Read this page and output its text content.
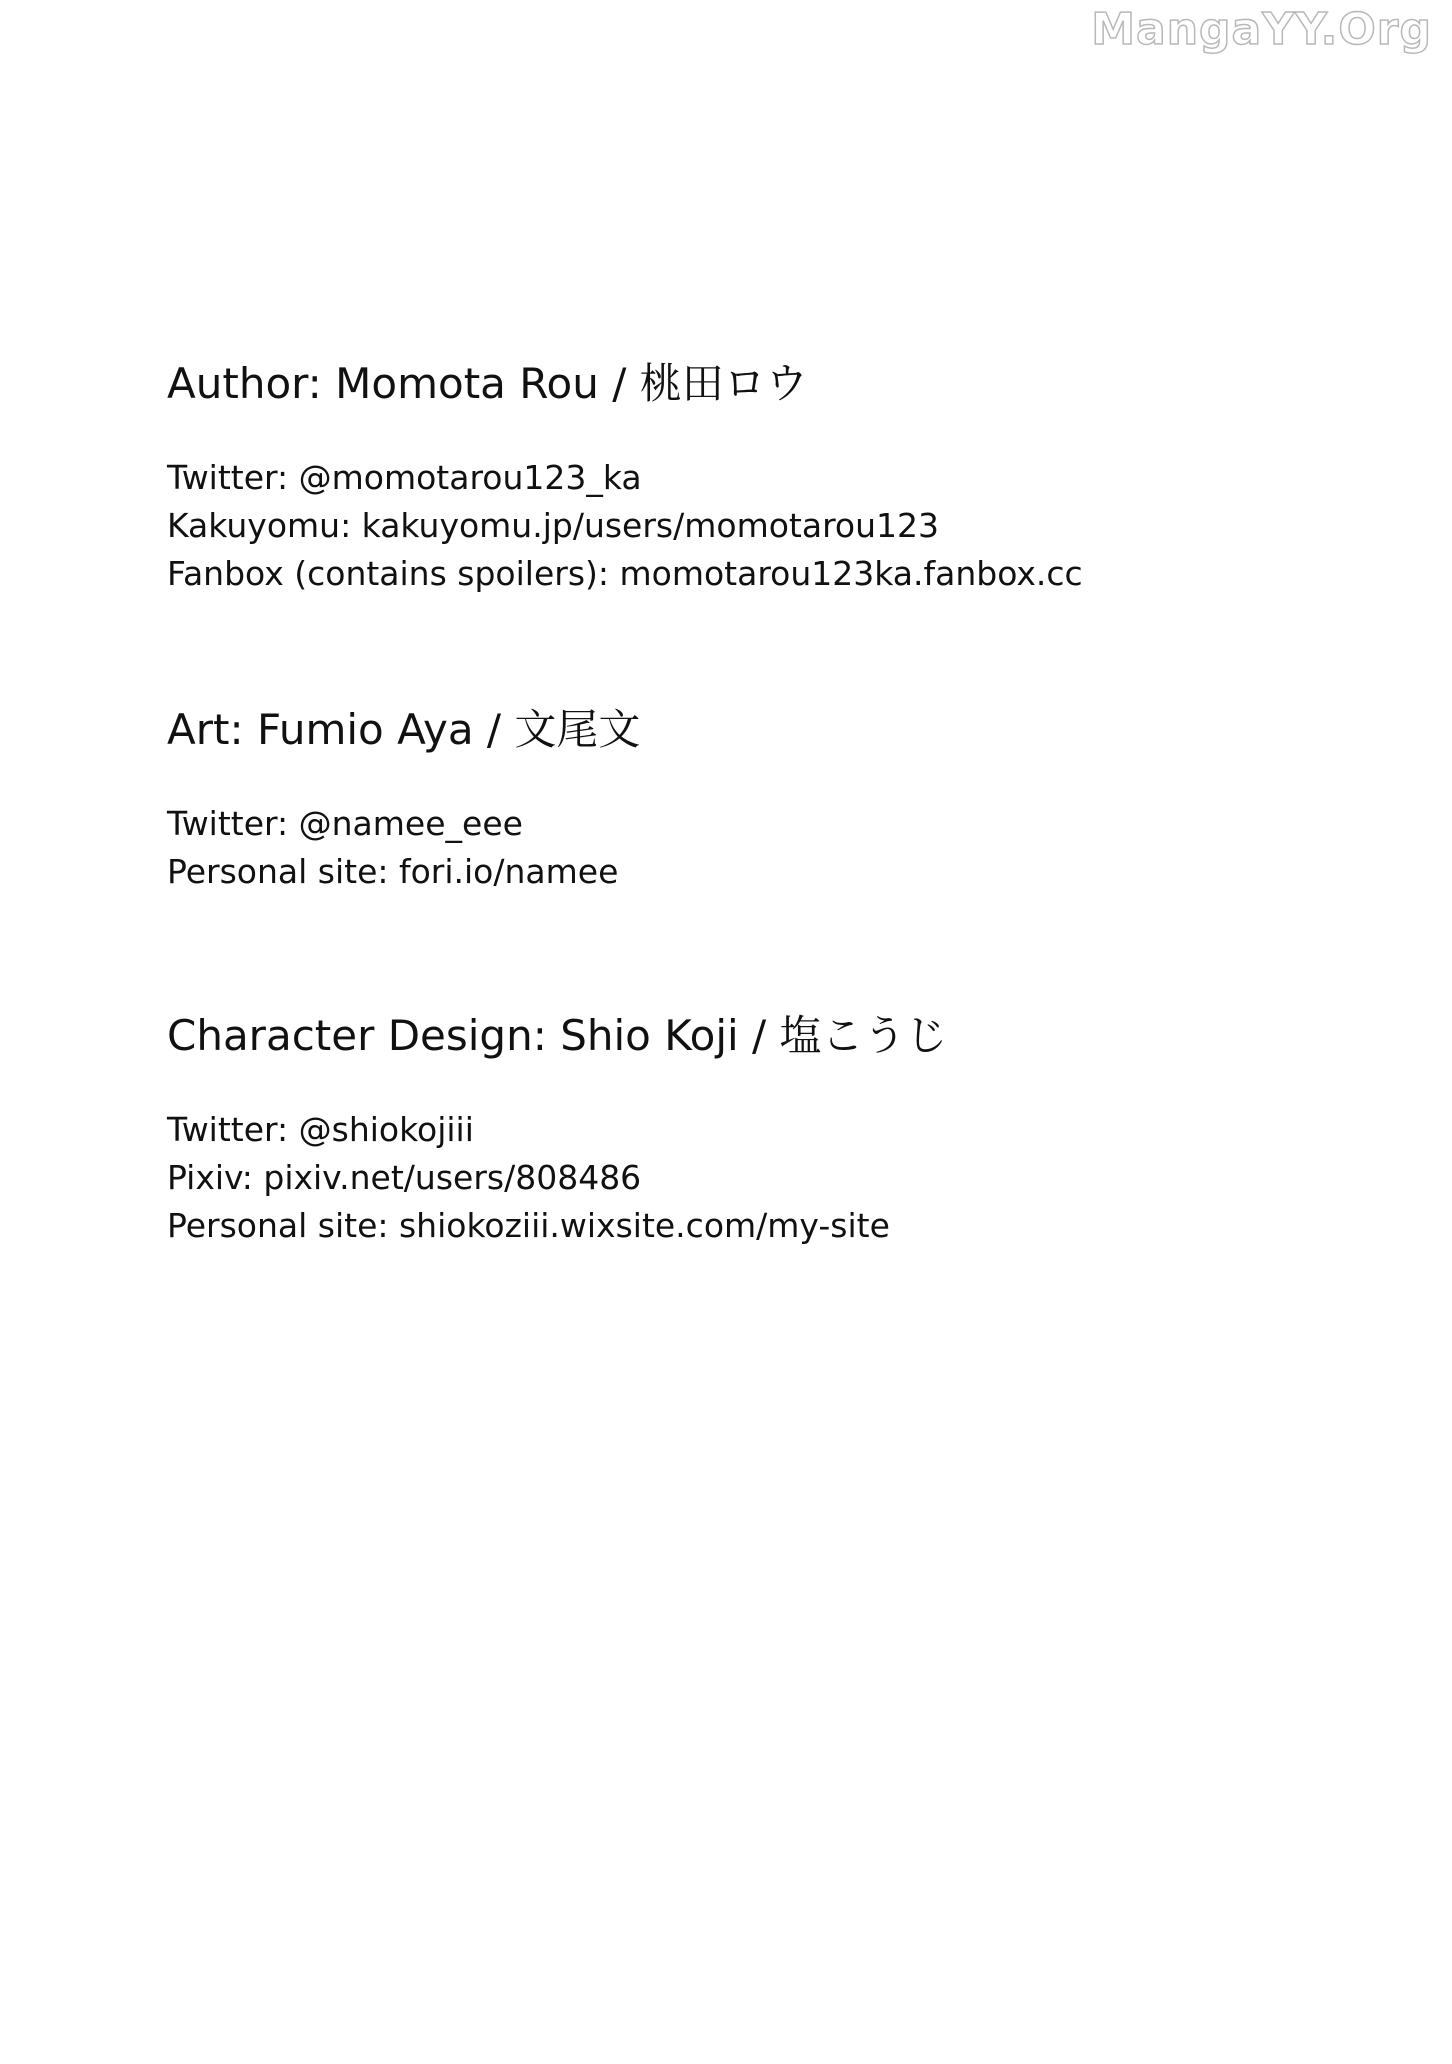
MangaYY.Org
Author: Momota Rou / 桃田ロウ
Twitter: @momotarou123_ka
Kakuyomu: kakuyomu.jp/users/momotarou123
Fanbox (contains spoilers): momotarou123ka.fanbox.cc
Art: Fumio Aya / 文尾文
Twitter: @namee_eee
Personal site: fori.io/namee
Character Design: Shio Koji / 塩こうじ
Twitter: @shiokojiii
Pixiv: pixiv.net/users/808486
Personal site: shiokoziii.wixsite.com/my-site
